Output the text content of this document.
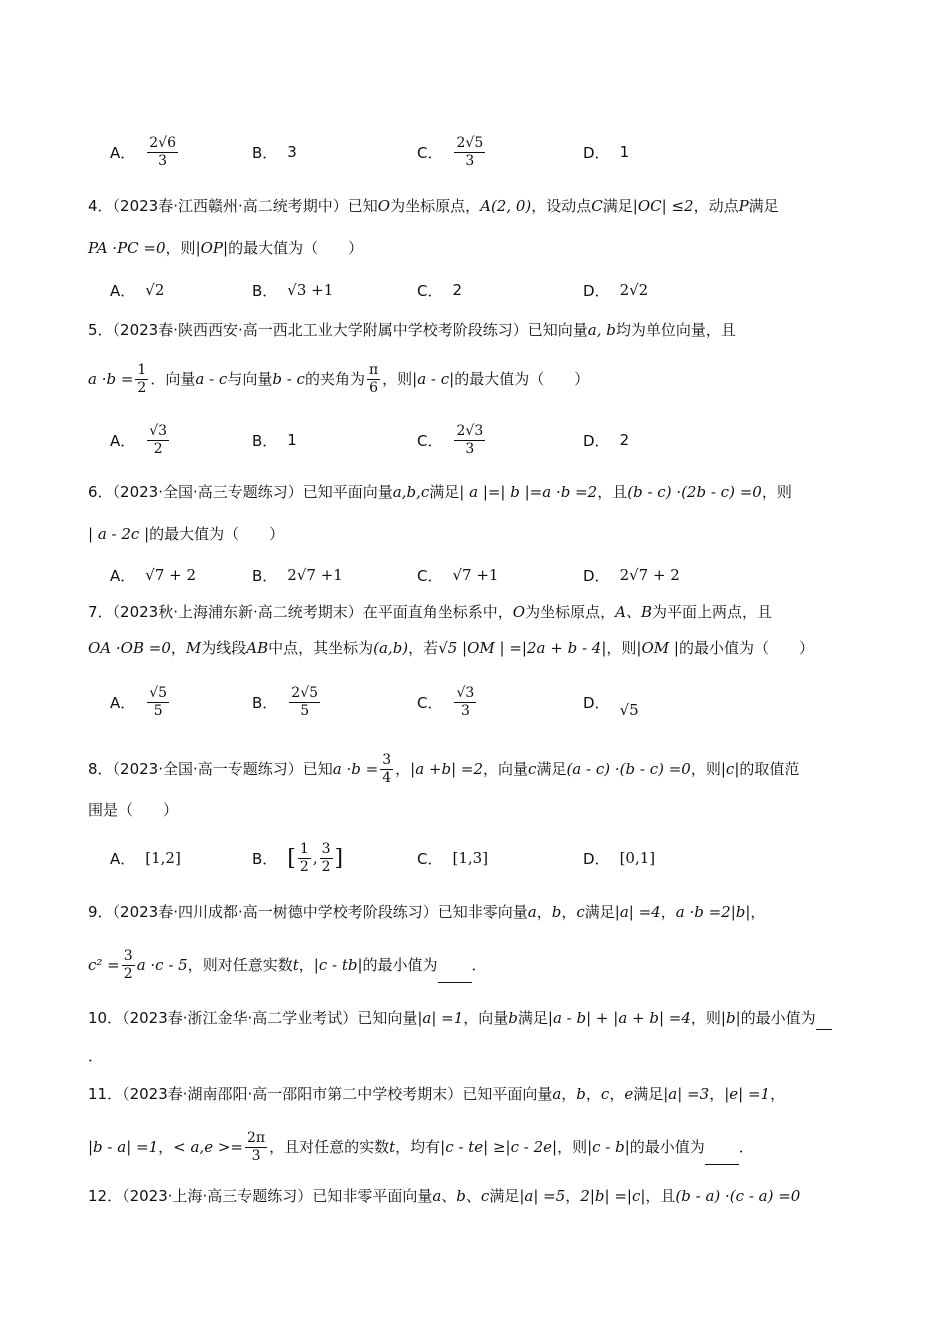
A． $\frac{2√6}{3}$	B． 3	C． $\frac{2√5}{3}$	D． 1
4．（2023春·江西赣州·高二统考期中）已知O为坐标原点，A(2, 0)，设动点C满足|OC| ≤2，动点P满足
PA ·PC =0，则|OP|的最大值为（　　）
A． √2	B． √3 +1	C． 2	D． 2√2
5．（2023春·陕西西安·高一西北工业大学附属中学校考阶段练习）已知向量a, b均为单位向量，且
$a \cdot b = \frac{1}{2}$ ．向量a - c与向量b - c的夹角为 $\frac{\pi}{6}$ ，则|a - c|的最大值为（　　）
A． $\frac{√3}{2}$	B． 1	C． $\frac{2√3}{3}$	D． 2
6．（2023·全国·高三专题练习）已知平面向量a,b,c满足| a |=| b |=a ·b =2，且(b - c) ·(2b - c) =0，则
| a - 2c |的最大值为（　　）
A． √7 + 2	B． 2√7 +1	C． √7 +1	D． 2√7 + 2
7．（2023秋·上海浦东新·高二统考期末）在平面直角坐标系中，O为坐标原点，A、B为平面上两点，且
OA ·OB =0，M为线段AB中点，其坐标为(a,b)，若√5 |OM | =|2a + b - 4|，则|OM |的最小值为（　　）
A． $\frac{√5}{5}$	B． $\frac{2√5}{5}$	C． $\frac{√3}{3}$	D． √5
8．（2023·全国·高一专题练习）已知$a \cdot b = \frac{3}{4}$ ，|a +b| =2，向量c满足(a - c) ·(b - c) =0，则|c|的取值范
围是（　　）
A． [1,2]	B． [ $\frac{1}{2}$ , $\frac{3}{2}$ ]	C． [1,3]	D． [0,1]
9．（2023春·四川成都·高一树德中学校考阶段练习）已知非零向量a，b，c满足|a| =4，a ·b =2|b|，
$c^2 = \frac{3}{2}$ a ·c - 5，则对任意实数t，|c - tb|的最小值为 ．
10．（2023春·浙江金华·高二学业考试）已知向量|a| =1，向量b满足|a - b| + |a + b| =4，则|b|的最小值为
．
11．（2023春·湖南邵阳·高一邵阳市第二中学校考期末）已知平面向量a，b，c，e满足|a| =3，|e| =1，
|b - a| =1，< $a,e >= \frac{2\pi}{3}$ ，且对任意的实数t，均有|c - te| ≥|c - 2e|，则|c - b|的最小值为 ．
12．（2023·上海·高三专题练习）已知非零平面向量a、b、c满足|a| =5，2|b| =|c|，且(b - a) ·(c - a) =0
